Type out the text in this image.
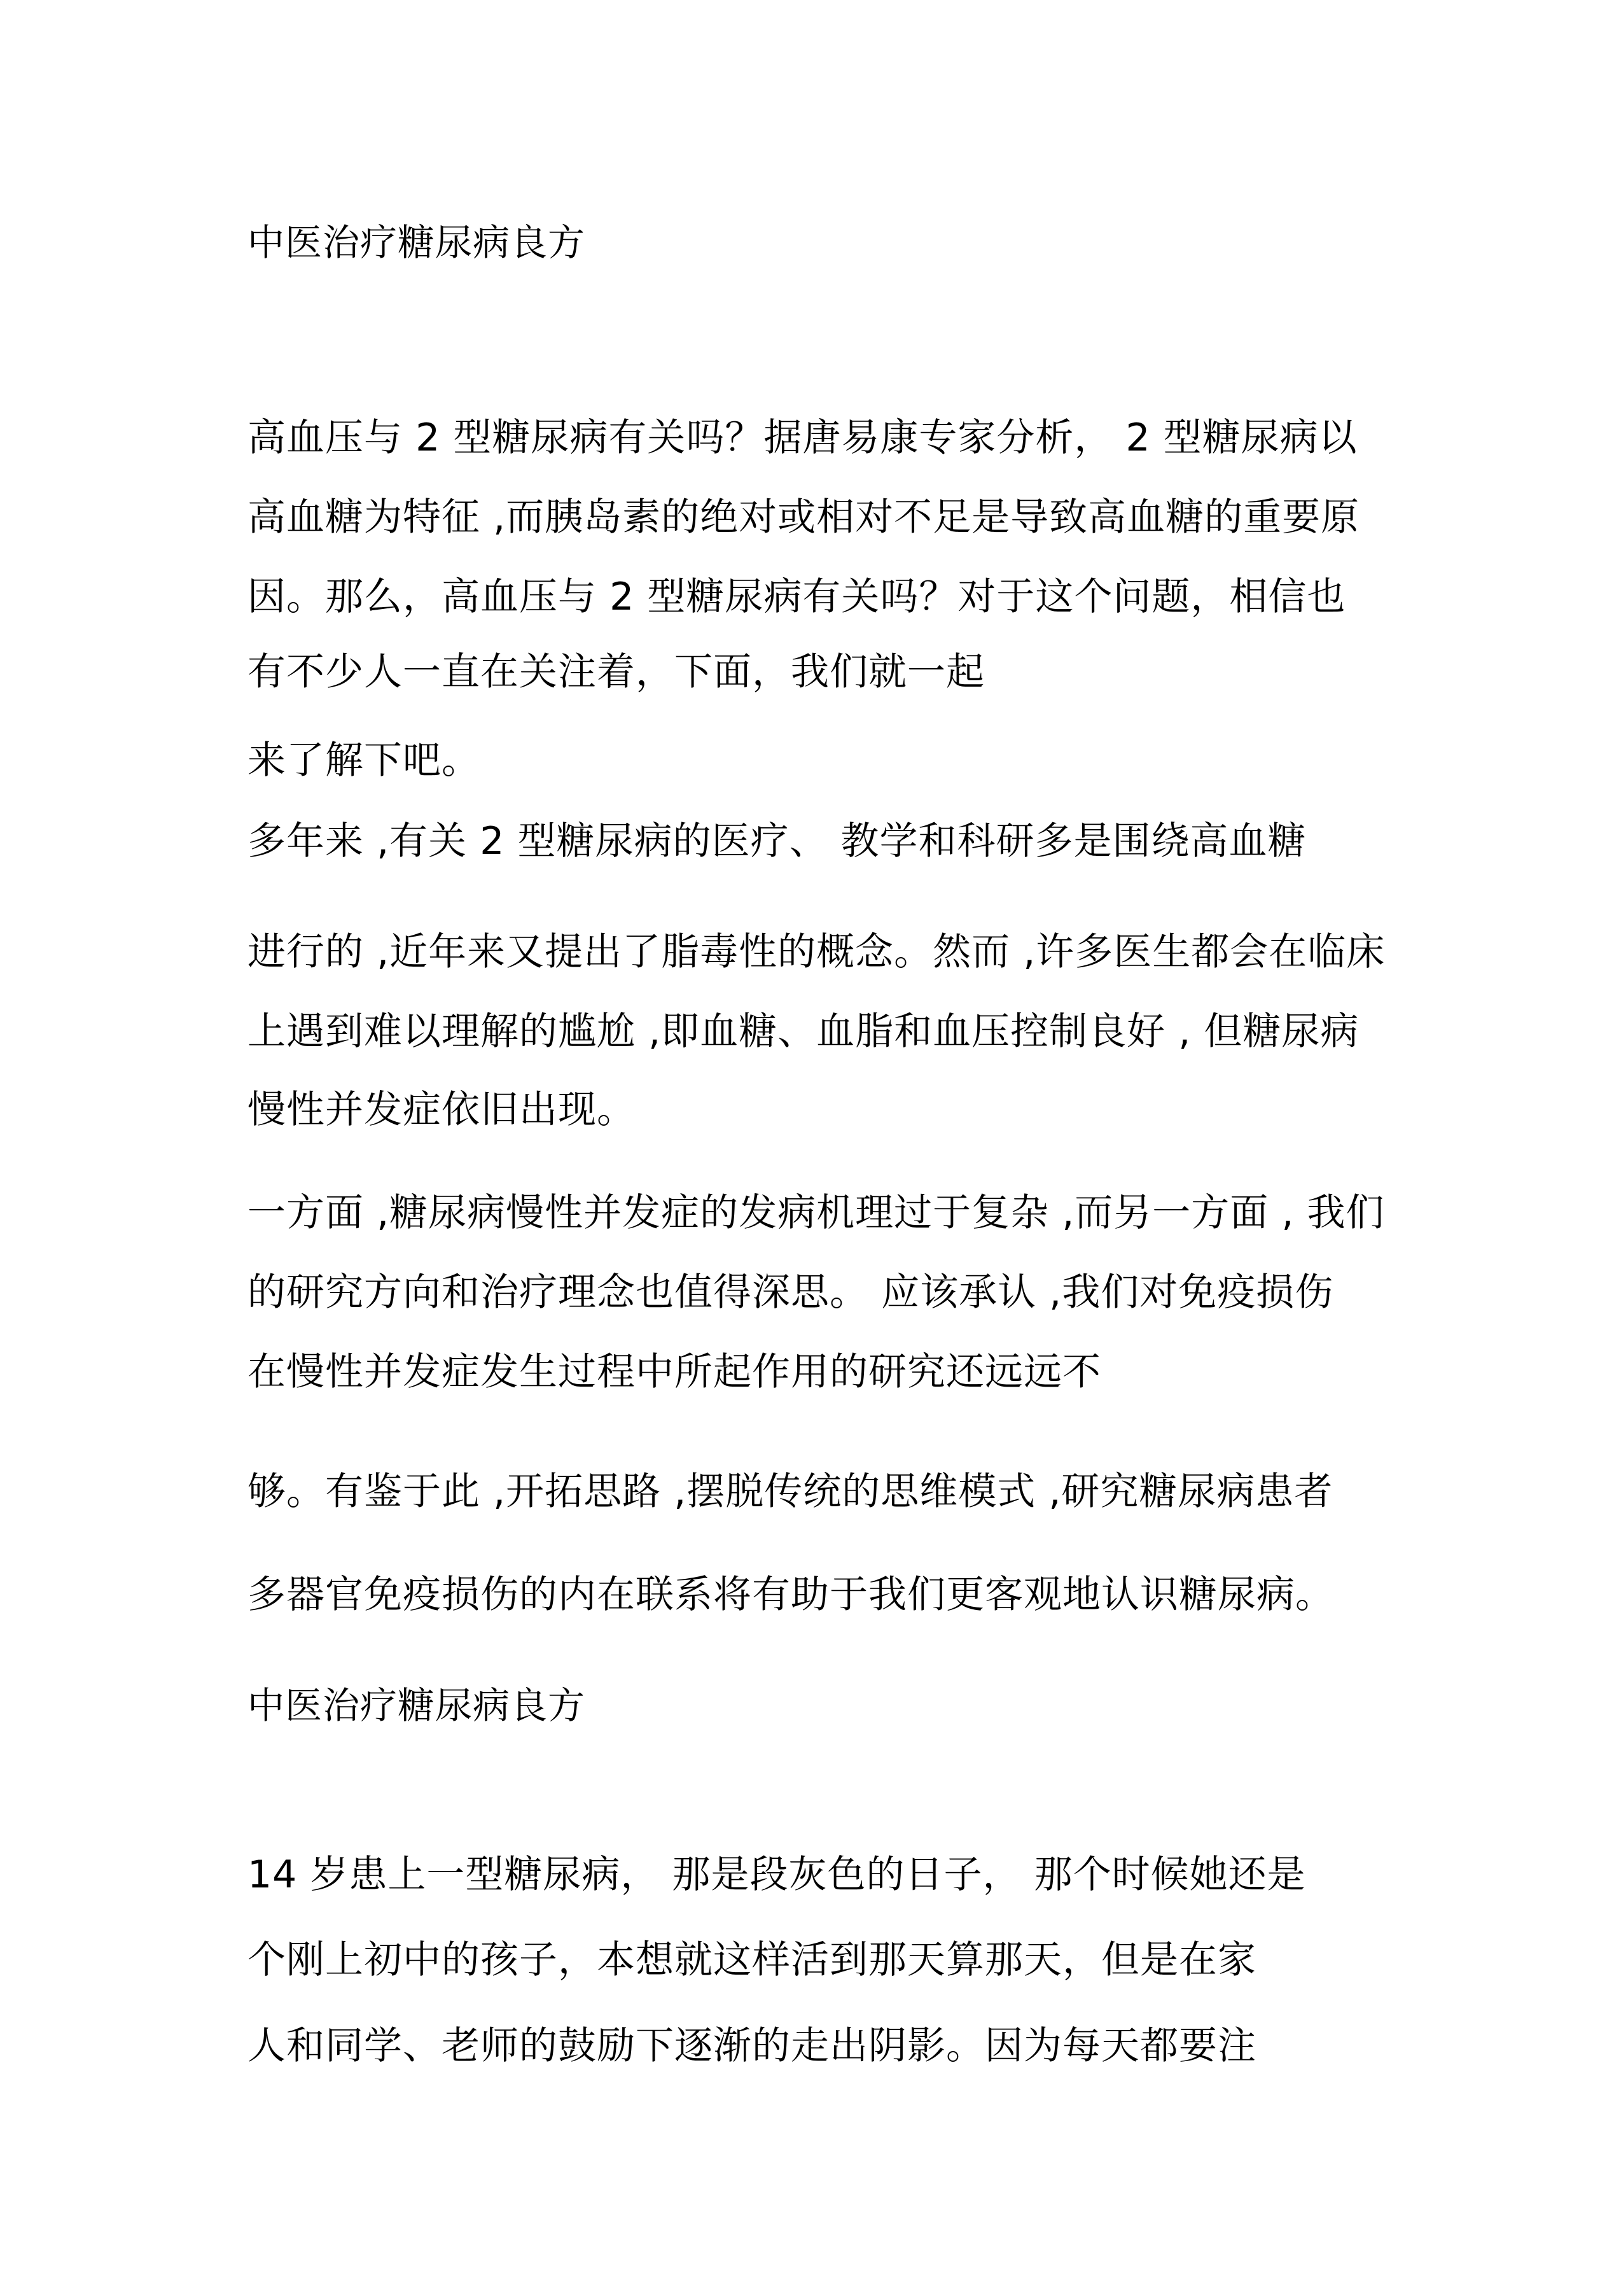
中医治疗糖尿病良方
高血压与 2 型糖尿病有关吗？据唐易康专家分析， 2 型糖尿病以
高血糖为特征 ,而胰岛素的绝对或相对不足是导致高血糖的重要原
因。那么，高血压与 2 型糖尿病有关吗？对于这个问题，相信也
有不少人一直在关注着，下面，我们就一起
来了解下吧。
多年来 ,有关 2 型糖尿病的医疗、 教学和科研多是围绕高血糖
进行的 ,近年来又提出了脂毒性的概念。然而 ,许多医生都会在临床
上遇到难以理解的尴尬 ,即血糖、血脂和血压控制良好 , 但糖尿病
慢性并发症依旧出现。
一方面 ,糖尿病慢性并发症的发病机理过于复杂 ,而另一方面 , 我们
的研究方向和治疗理念也值得深思。 应该承认 ,我们对免疫损伤
在慢性并发症发生过程中所起作用的研究还远远不
够。有鉴于此 ,开拓思路 ,摆脱传统的思维模式 ,研究糖尿病患者
多器官免疫损伤的内在联系将有助于我们更客观地认识糖尿病。
中医治疗糖尿病良方
14 岁患上一型糖尿病， 那是段灰色的日子， 那个时候她还是
个刚上初中的孩子，本想就这样活到那天算那天，但是在家
人和同学、老师的鼓励下逐渐的走出阴影。因为每天都要注
